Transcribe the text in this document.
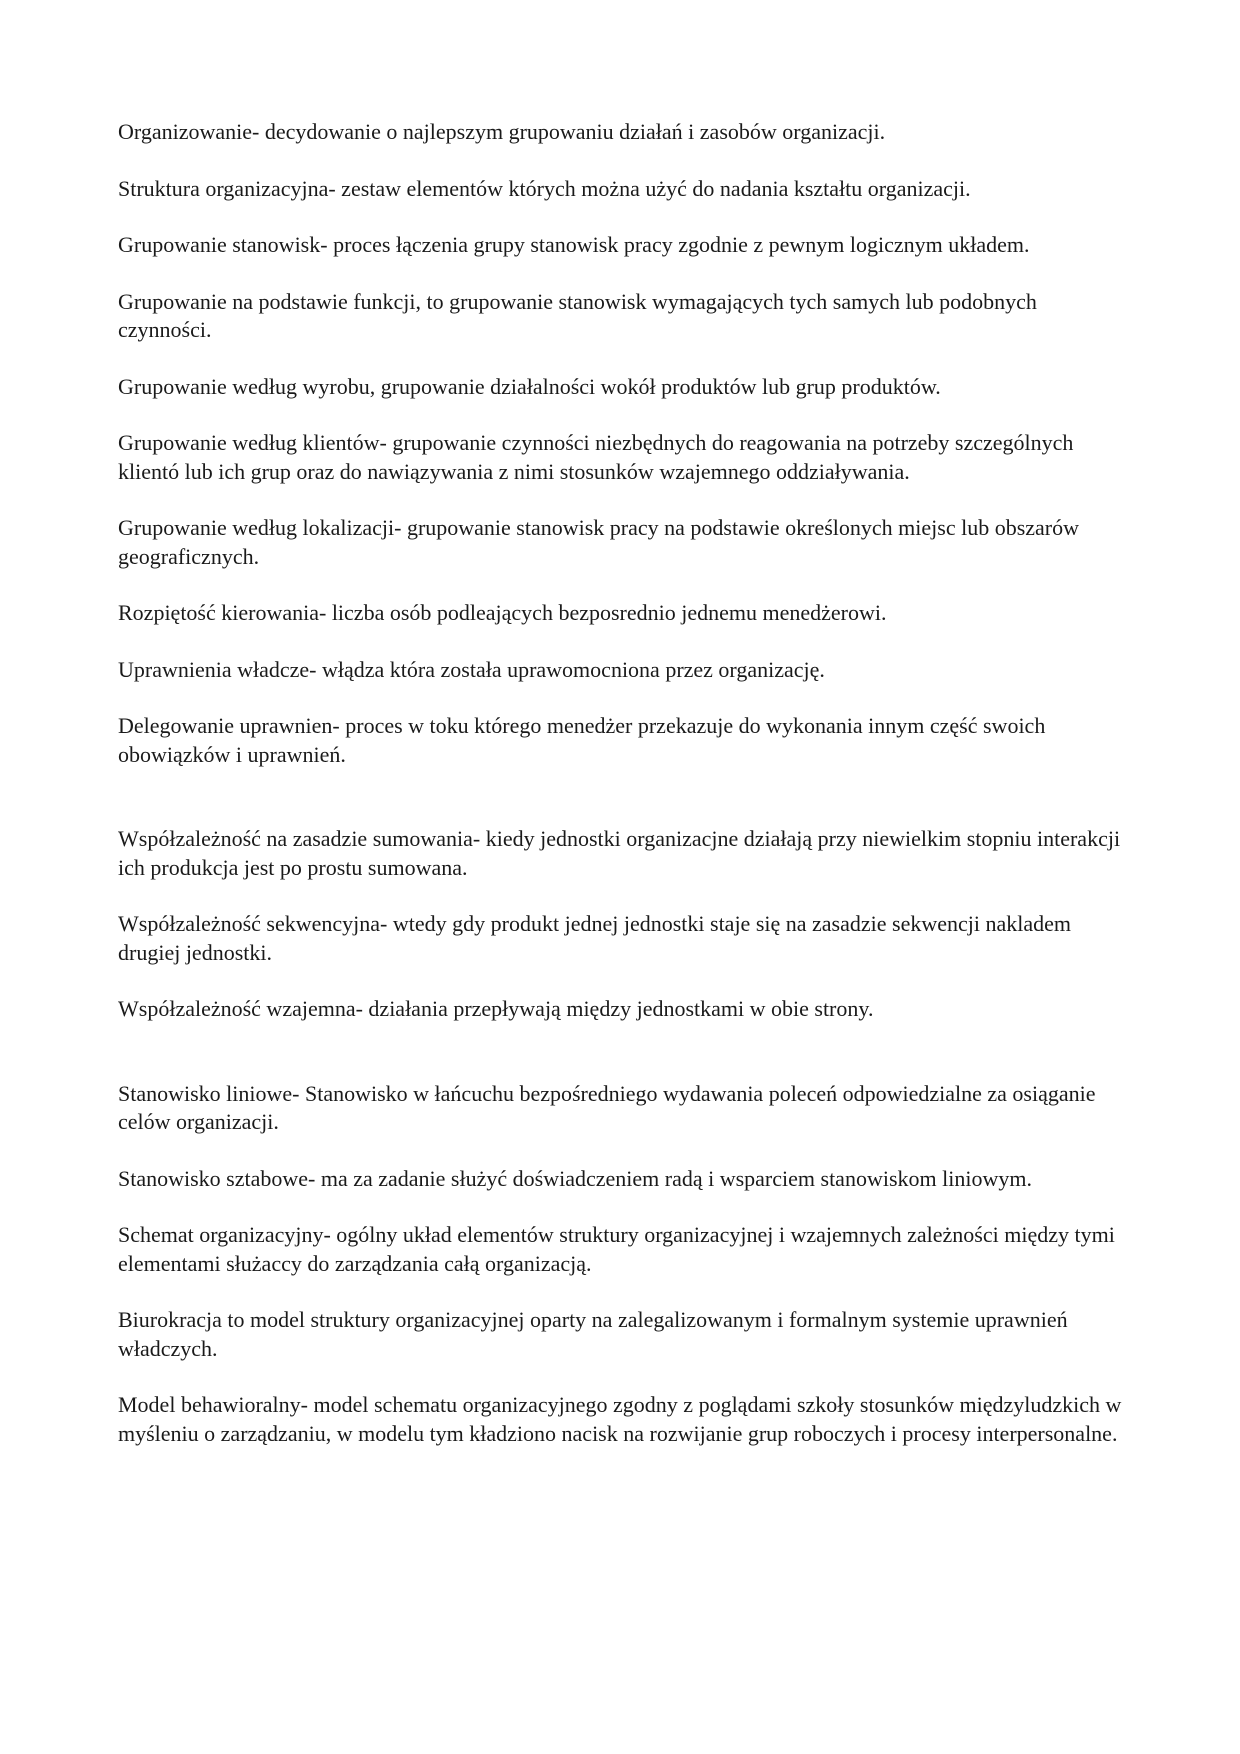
Organizowanie- decydowanie o najlepszym grupowaniu działań i zasobów organizacji.

Struktura organizacyjna- zestaw elementów których można użyć do nadania kształtu organizacji.

Grupowanie stanowisk- proces łączenia grupy stanowisk pracy zgodnie z pewnym logicznym układem.

Grupowanie na podstawie funkcji, to grupowanie stanowisk wymagających tych samych lub podobnych czynności.

Grupowanie według wyrobu, grupowanie działalności wokół produktów lub grup produktów.

Grupowanie według klientów- grupowanie czynności niezbędnych do reagowania na potrzeby szczególnych klientó lub ich grup oraz do nawiązywania z nimi stosunków wzajemnego oddziaływania.

Grupowanie według lokalizacji- grupowanie stanowisk pracy na podstawie określonych miejsc lub obszarów geograficznych.

Rozpiętość kierowania- liczba osób podleających bezposrednio jednemu menedżerowi.

Uprawnienia władcze- włądza która została uprawomocniona przez organizację.

Delegowanie uprawnien- proces w toku którego menedżer przekazuje do wykonania innym część swoich obowiązków i uprawnień.

Współzależność na zasadzie sumowania- kiedy jednostki organizacjne działają przy niewielkim stopniu interakcji ich produkcja jest po prostu sumowana.

Współzależność sekwencyjna- wtedy gdy produkt jednej jednostki staje się na zasadzie sekwencji nakladem drugiej jednostki.

Współzależność wzajemna- działania przepływają między jednostkami w obie strony.

Stanowisko liniowe- Stanowisko w łańcuchu bezpośredniego wydawania poleceń odpowiedzialne za osiąganie celów organizacji.

Stanowisko sztabowe- ma za zadanie służyć doświadczeniem radą i wsparciem stanowiskom liniowym.

Schemat organizacyjny- ogólny układ elementów struktury organizacyjnej i wzajemnych zależności między tymi elementami służaccy do zarządzania całą organizacją.

Biurokracja to model struktury organizacyjnej oparty na zalegalizowanym i formalnym systemie uprawnień władczych.

Model behawioralny- model schematu organizacyjnego zgodny z poglądami szkoły stosunków międzyludzkich w myśleniu o zarządzaniu, w modelu tym kładziono nacisk na rozwijanie grup roboczych i procesy interpersonalne.
